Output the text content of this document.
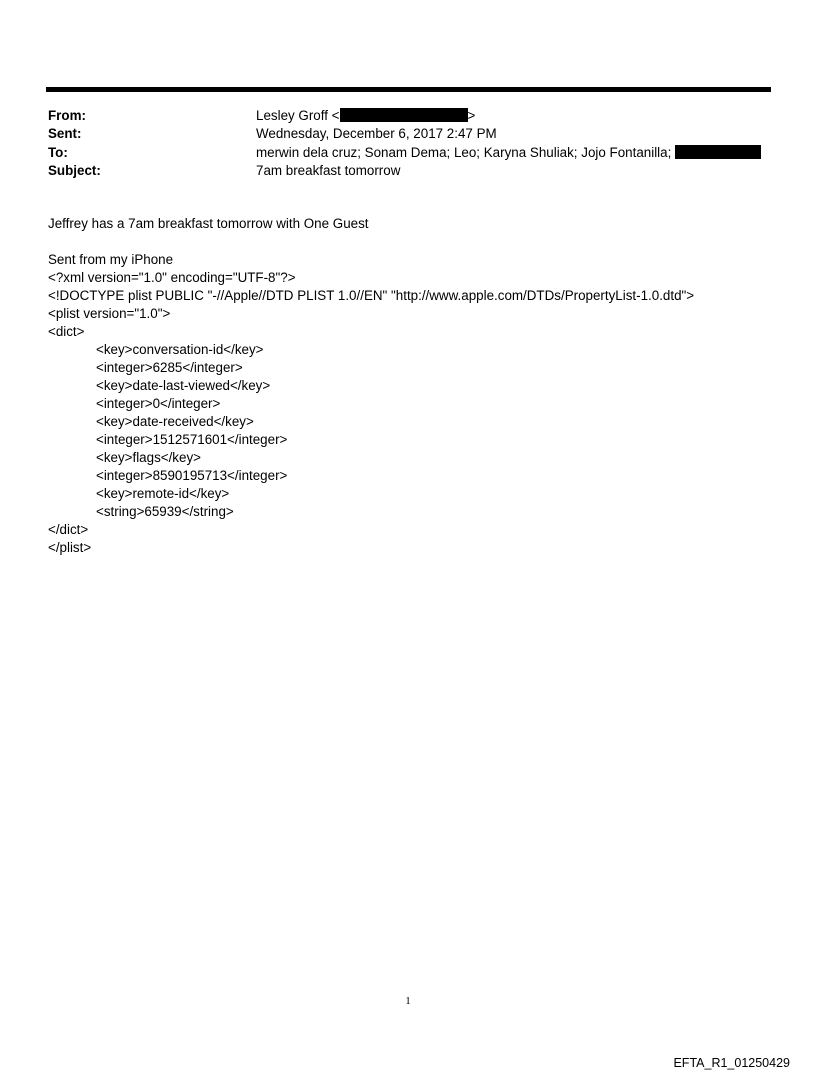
From:	Lesley Groff <	>
Sent:	Wednesday, December 6, 2017 2:47 PM
To:	merwin dela cruz; Sonam Dema; Leo; Karyna Shuliak; Jojo Fontanilla;
Subject:	7am breakfast tomorrow
Jeffrey has a 7am breakfast tomorrow with One Guest
Sent from my iPhone
<?xml version="1.0" encoding="UTF-8"?>
<!DOCTYPE plist PUBLIC "-//Apple//DTD PLIST 1.0//EN" "http://www.apple.com/DTDs/PropertyList-1.0.dtd">
<plist version="1.0">
<dict>
<key>conversation-id</key>
<integer>6285</integer>
<key>date-last-viewed</key>
<integer>0</integer>
<key>date-received</key>
<integer>1512571601</integer>
<key>flags</key>
<integer>8590195713</integer>
<key>remote-id</key>
<string>65939</string>
</dict>
</plist>
1
EFTA_R1_01250429
